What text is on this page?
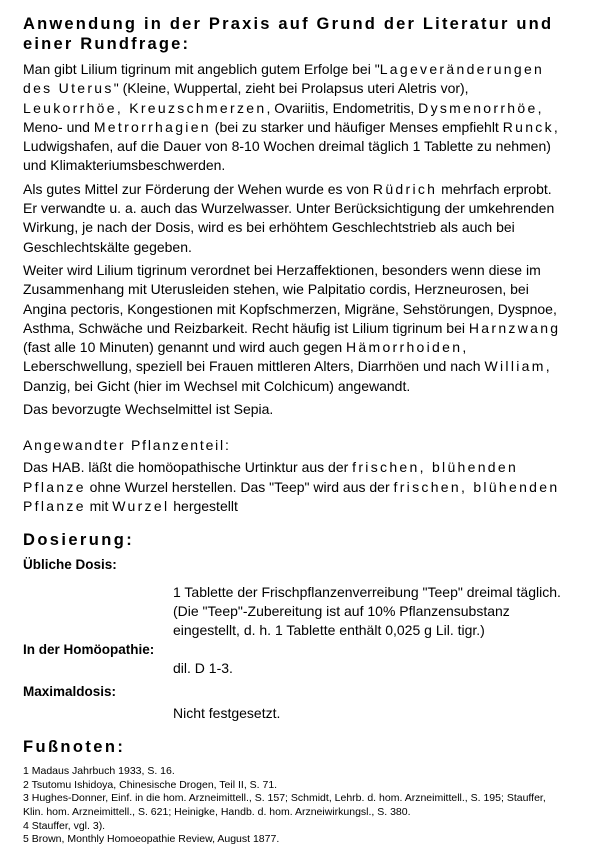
Anwendung in der Praxis auf Grund der Literatur und einer Rundfrage:

Man gibt Lilium tigrinum mit angeblich gutem Erfolge bei "Lageveränderungen des Uterus" (Kleine, Wuppertal, zieht bei Prolapsus uteri Aletris vor), Leukorrhöe, Kreuzschmerzen, Ovariitis, Endometritis, Dysmenorrhöe, Meno- und Metrorrhagien (bei zu starker und häufiger Menses empfiehlt Runck, Ludwigshafen, auf die Dauer von 8-10 Wochen dreimal täglich 1 Tablette zu nehmen) und Klimakteriumsbeschwerden.

Als gutes Mittel zur Förderung der Wehen wurde es von Rüdrich mehrfach erprobt. Er verwandte u. a. auch das Wurzelwasser. Unter Berücksichtigung der umkehrenden Wirkung, je nach der Dosis, wird es bei erhöhtem Geschlechtstrieb als auch bei Geschlechtskälte gegeben.

Weiter wird Lilium tigrinum verordnet bei Herzaffektionen, besonders wenn diese im Zusammenhang mit Uterusleiden stehen, wie Palpitatio cordis, Herzneurosen, bei Angina pectoris, Kongestionen mit Kopfschmerzen, Migräne, Sehstörungen, Dyspnoe, Asthma, Schwäche und Reizbarkeit. Recht häufig ist Lilium tigrinum bei Harnzwang (fast alle 10 Minuten) genannt und wird auch gegen Hämorrhoiden, Leberschwellung, speziell bei Frauen mittleren Alters, Diarrhöen und nach William, Danzig, bei Gicht (hier im Wechsel mit Colchicum) angewandt.

Das bevorzugte Wechselmittel ist Sepia.

Angewandter Pflanzenteil:

Das HAB. läßt die homöopathische Urtinktur aus der frischen, blühenden Pflanze ohne Wurzel herstellen. Das "Teep" wird aus der frischen, blühenden Pflanze mit Wurzel hergestellt

Dosierung:
Übliche Dosis:
1 Tablette der Frischpflanzenverreibung "Teep" dreimal täglich. (Die "Teep"-Zubereitung ist auf 10% Pflanzensubstanz eingestellt, d. h. 1 Tablette enthält 0,025 g Lil. tigr.)
In der Homöopathie:
dil. D 1-3.
Maximaldosis:
Nicht festgesetzt.
Fußnoten:

1 Madaus Jahrbuch 1933, S. 16.

2 Tsutomu Ishidoya, Chinesische Drogen, Teil II, S. 71.

3 Hughes-Donner, Einf. in die hom. Arzneimittell., S. 157; Schmidt, Lehrb. d. hom. Arzneimittell., S. 195; Stauffer, Klin. hom. Arzneimittell., S. 621; Heinigke, Handb. d. hom. Arzneiwirkungsl., S. 380.

4 Stauffer, vgl. 3).

5 Brown, Monthly Homoeopathie Review, August 1877.
